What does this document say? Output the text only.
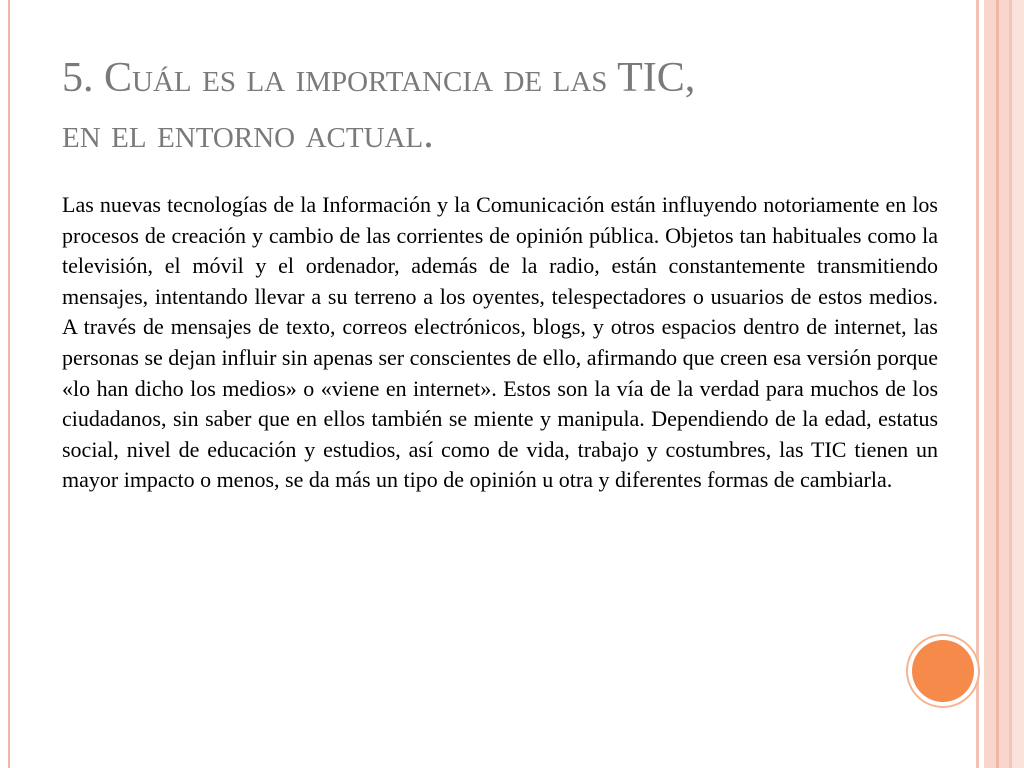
5. Cuál es la importancia de las TIC,
en el entorno actual.

Las nuevas tecnologías de la Información y la Comunicación están influyendo notoriamente en los procesos de creación y cambio de las corrientes de opinión pública. Objetos tan habituales como la televisión, el móvil y el ordenador, además de la radio, están constantemente transmitiendo mensajes, intentando llevar a su terreno a los oyentes, telespectadores o usuarios de estos medios. A través de mensajes de texto, correos electrónicos, blogs, y otros espacios dentro de internet, las personas se dejan influir sin apenas ser conscientes de ello, afirmando que creen esa versión porque «lo han dicho los medios» o «viene en internet». Estos son la vía de la verdad para muchos de los ciudadanos, sin saber que en ellos también se miente y manipula. Dependiendo de la edad, estatus social, nivel de educación y estudios, así como de vida, trabajo y costumbres, las TIC tienen un mayor impacto o menos, se da más un tipo de opinión u otra y diferentes formas de cambiarla.
